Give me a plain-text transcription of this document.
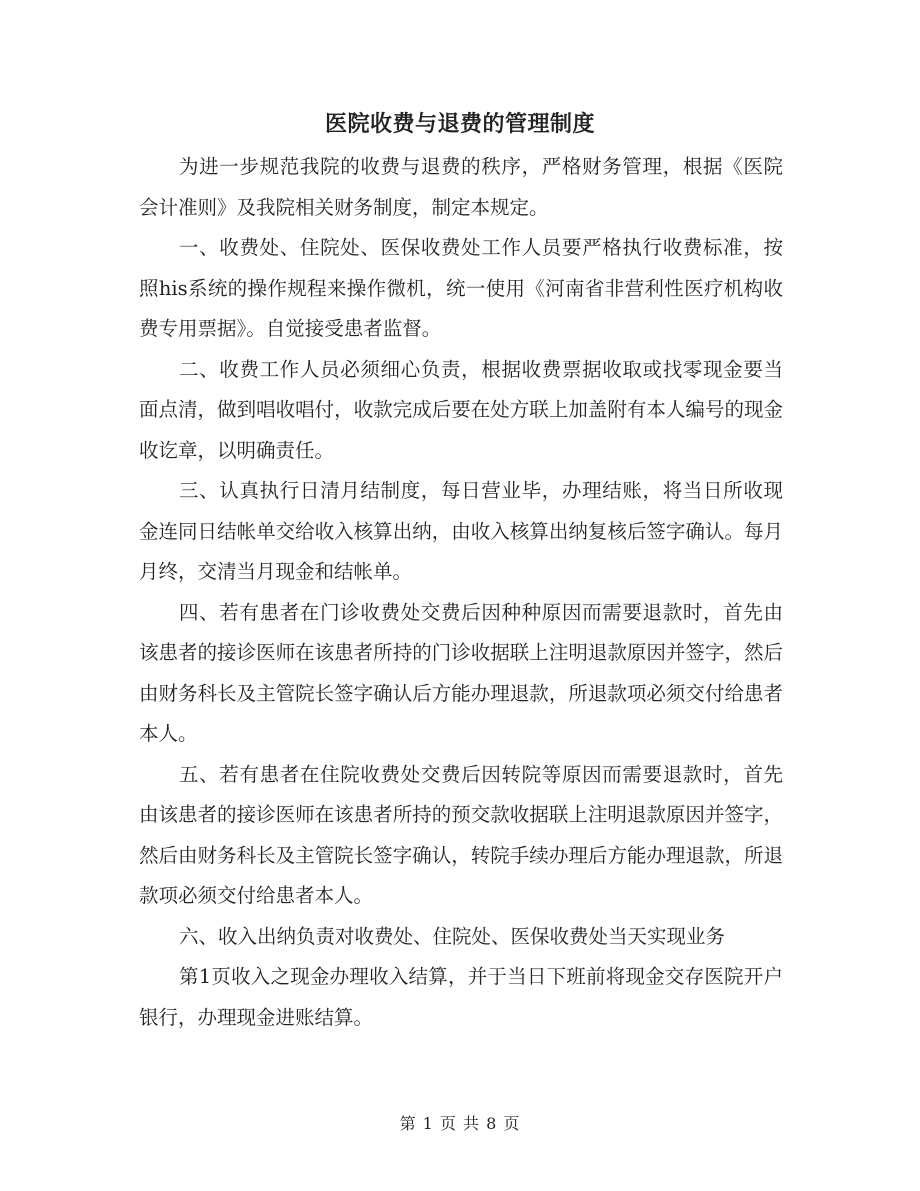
医院收费与退费的管理制度

为进一步规范我院的收费与退费的秩序，严格财务管理，根据《医院会计准则》及我院相关财务制度，制定本规定。

一、收费处、住院处、医保收费处工作人员要严格执行收费标准，按照his系统的操作规程来操作微机，统一使用《河南省非营利性医疗机构收费专用票据》。自觉接受患者监督。

二、收费工作人员必须细心负责，根据收费票据收取或找零现金要当面点清，做到唱收唱付，收款完成后要在处方联上加盖附有本人编号的现金收讫章，以明确责任。

三、认真执行日清月结制度，每日营业毕，办理结账，将当日所收现金连同日结帐单交给收入核算出纳，由收入核算出纳复核后签字确认。每月月终，交清当月现金和结帐单。

四、若有患者在门诊收费处交费后因种种原因而需要退款时，首先由该患者的接诊医师在该患者所持的门诊收据联上注明退款原因并签字，然后由财务科长及主管院长签字确认后方能办理退款，所退款项必须交付给患者本人。

五、若有患者在住院收费处交费后因转院等原因而需要退款时，首先由该患者的接诊医师在该患者所持的预交款收据联上注明退款原因并签字，然后由财务科长及主管院长签字确认，转院手续办理后方能办理退款，所退款项必须交付给患者本人。

六、收入出纳负责对收费处、住院处、医保收费处当天实现业务

第1页收入之现金办理收入结算，并于当日下班前将现金交存医院开户银行，办理现金进账结算。

第 1 页 共 8 页
